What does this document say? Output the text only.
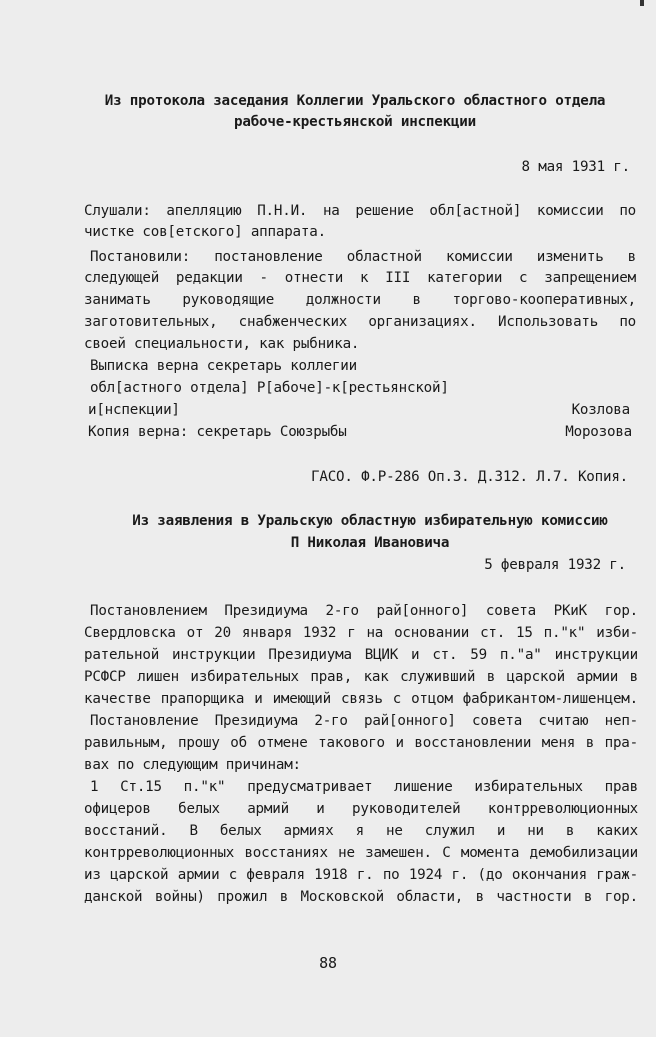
Из протокола заседания Коллегии Уральского областного отдела
рабоче-крестьянской инспекции
8 мая 1931 г.
Слушали: апелляцию П.Н.И. на решение обл[астной] комиссии по
чистке сов[етского] аппарата.
Постановили: постановление областной комиссии изменить в
следующей редакции - отнести к III категории с запрещением
занимать руководящие должности в торгово-кооперативных,
заготовительных, снабженческих организациях. Использовать по
своей специальности, как рыбника.
Выписка верна секретарь коллегии
обл[астного отдела] Р[абоче]-к[рестьянской]
и[нспекции]	Козлова
Копия верна: секретарь Союзрыбы	Морозова
ГАСО. Ф.Р-286 Оп.3. Д.312. Л.7. Копия.
Из заявления в Уральскую областную избирательную комиссию
П Николая Ивановича
5 февраля 1932 г.
Постановлением Президиума 2-го рай[онного] совета РКиК гор.
Свердловска от 20 января 1932 г на основании ст. 15 п."к" изби-
рательной инструкции Президиума ВЦИК и ст. 59 п."а" инструкции
РСФСР лишен избирательных прав, как служивший в царской армии в
качестве прапорщика и имеющий связь с отцом фабрикантом-лишенцем.
Постановление Президиума 2-го рай[онного] совета считаю неп-
равильным, прошу об отмене такового и восстановлении меня в пра-
вах по следующим причинам:
1 Ст.15 п."к" предусматривает лишение избирательных прав
офицеров белых армий и руководителей контрреволюционных
восстаний. В белых армиях я не служил и ни в каких
контрреволюционных восстаниях не замешен. С момента демобилизации
из царской армии с февраля 1918 г. по 1924 г. (до окончания граж-
данской войны) прожил в Московской области, в частности в гор.
88
